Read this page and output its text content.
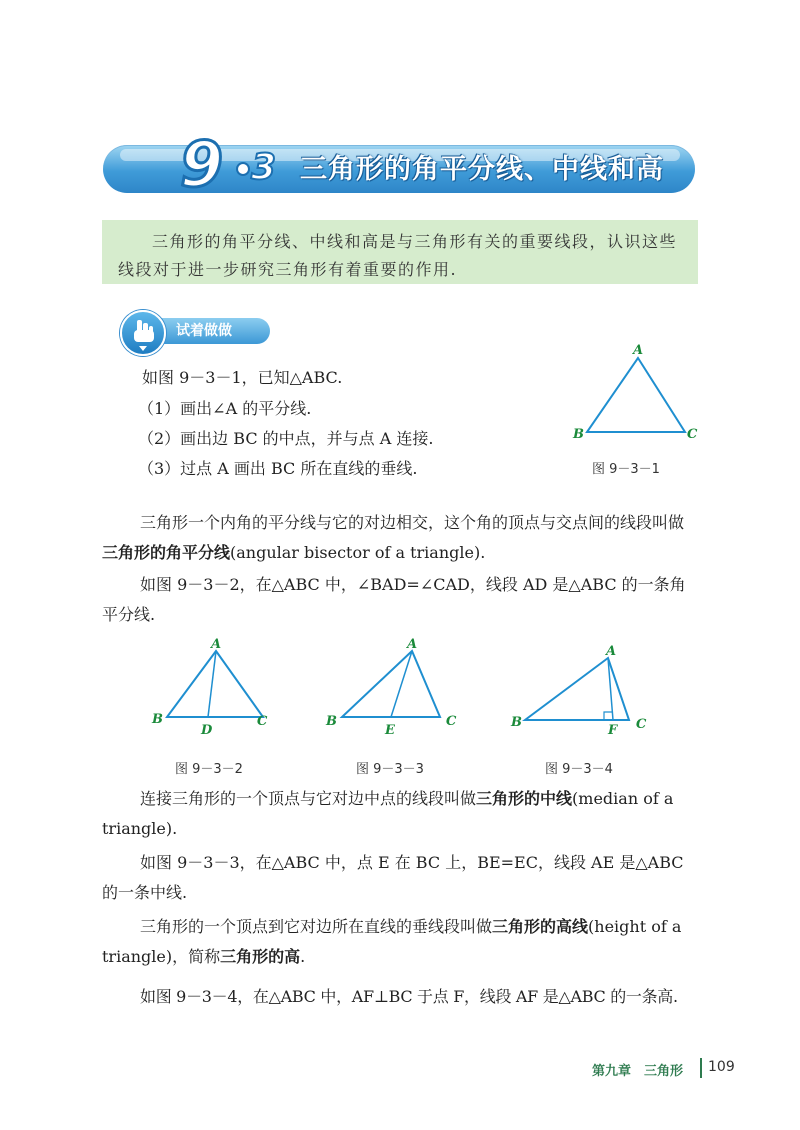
9 3 三角形的角平分线、中线和高
三角形的角平分线、中线和高是与三角形有关的重要线段，认识这些线段对于进一步研究三角形有着重要的作用.
试着做做
如图 9－3－1，已知△ABC.
（1）画出∠A 的平分线.
（2）画出边 BC 的中点，并与点 A 连接.
（3）过点 A 画出 BC 所在直线的垂线.
A
B	C
图 9－3－1
三角形一个内角的平分线与它的对边相交，这个角的顶点与交点间的线段叫做三角形的角平分线(angular bisector of a triangle).
如图 9－3－2，在△ABC 中，∠BAD=∠CAD，线段 AD 是△ABC 的一条角平分线.
A
B	C
D
图 9－3－2
A
B	C
E
图 9－3－3
A
B	C
F
图 9－3－4
连接三角形的一个顶点与它对边中点的线段叫做三角形的中线(median of a triangle).
如图 9－3－3，在△ABC 中，点 E 在 BC 上，BE=EC，线段 AE 是△ABC 的一条中线.
三角形的一个顶点到它对边所在直线的垂线段叫做三角形的高线(height of a triangle)，简称三角形的高.
如图 9－3－4，在△ABC 中，AF⊥BC 于点 F，线段 AF 是△ABC 的一条高.
第九章　三角形 109
